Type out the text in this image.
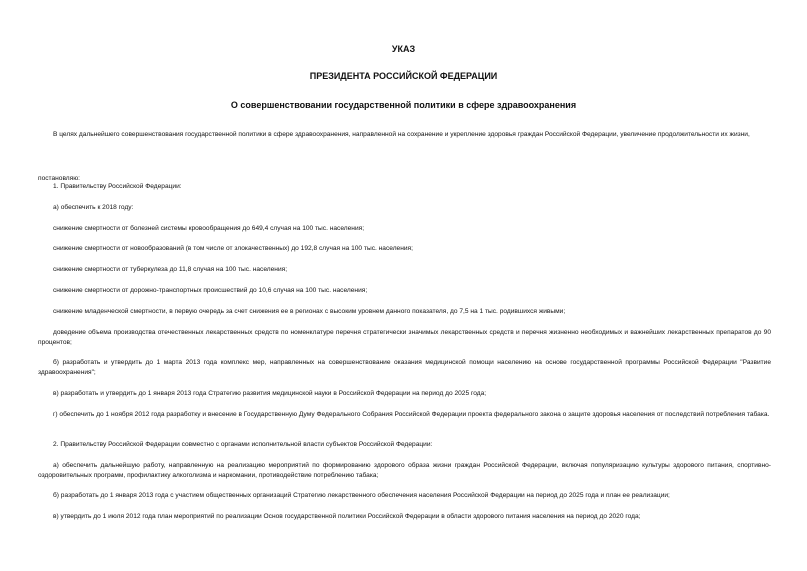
УКАЗ
ПРЕЗИДЕНТА РОССИЙСКОЙ ФЕДЕРАЦИИ
О совершенствовании государственной политики в сфере здравоохранения
В целях дальнейшего совершенствования государственной политики в сфере здравоохранения, направленной на сохранение и укрепление здоровья граждан Российской Федерации, увеличение продолжительности их жизни,
постановляю:
1. Правительству Российской Федерации:
а) обеспечить к 2018 году:
снижение смертности от болезней системы кровообращения до 649,4 случая на 100 тыс. населения;
снижение смертности от новообразований (в том числе от злокачественных) до 192,8 случая на 100 тыс. населения;
снижение смертности от туберкулеза до 11,8 случая на 100 тыс. населения;
снижение смертности от дорожно-транспортных происшествий до 10,6 случая на 100 тыс. населения;
снижение младенческой смертности, в первую очередь за счет снижения ее в регионах с высоким уровнем данного показателя, до 7,5 на 1 тыс. родившихся живыми;
доведение объема производства отечественных лекарственных средств по номенклатуре перечня стратегически значимых лекарственных средств и перечня жизненно необходимых и важнейших лекарственных препаратов до 90 процентов;
б) разработать и утвердить до 1 марта 2013 года комплекс мер, направленных на совершенствование оказания медицинской помощи населению на основе государственной программы Российской Федерации "Развитие здравоохранения";
в) разработать и утвердить до 1 января 2013 года Стратегию развития медицинской науки в Российской Федерации на период до 2025 года;
г) обеспечить до 1 ноября 2012 года разработку и внесение в Государственную Думу Федерального Собрания Российской Федерации проекта федерального закона о защите здоровья населения от последствий потребления табака.
2. Правительству Российской Федерации совместно с органами исполнительной власти субъектов Российской Федерации:
а) обеспечить дальнейшую работу, направленную на реализацию мероприятий по формированию здорового образа жизни граждан Российской Федерации, включая популяризацию культуры здорового питания, спортивно-оздоровительных программ, профилактику алкоголизма и наркомании, противодействие потреблению табака;
б) разработать до 1 января 2013 года с участием общественных организаций Стратегию лекарственного обеспечения населения Российской Федерации на период до 2025 года и план ее реализации;
в) утвердить до 1 июля 2012 года план мероприятий по реализации Основ государственной политики Российской Федерации в области здорового питания населения на период до 2020 года;
